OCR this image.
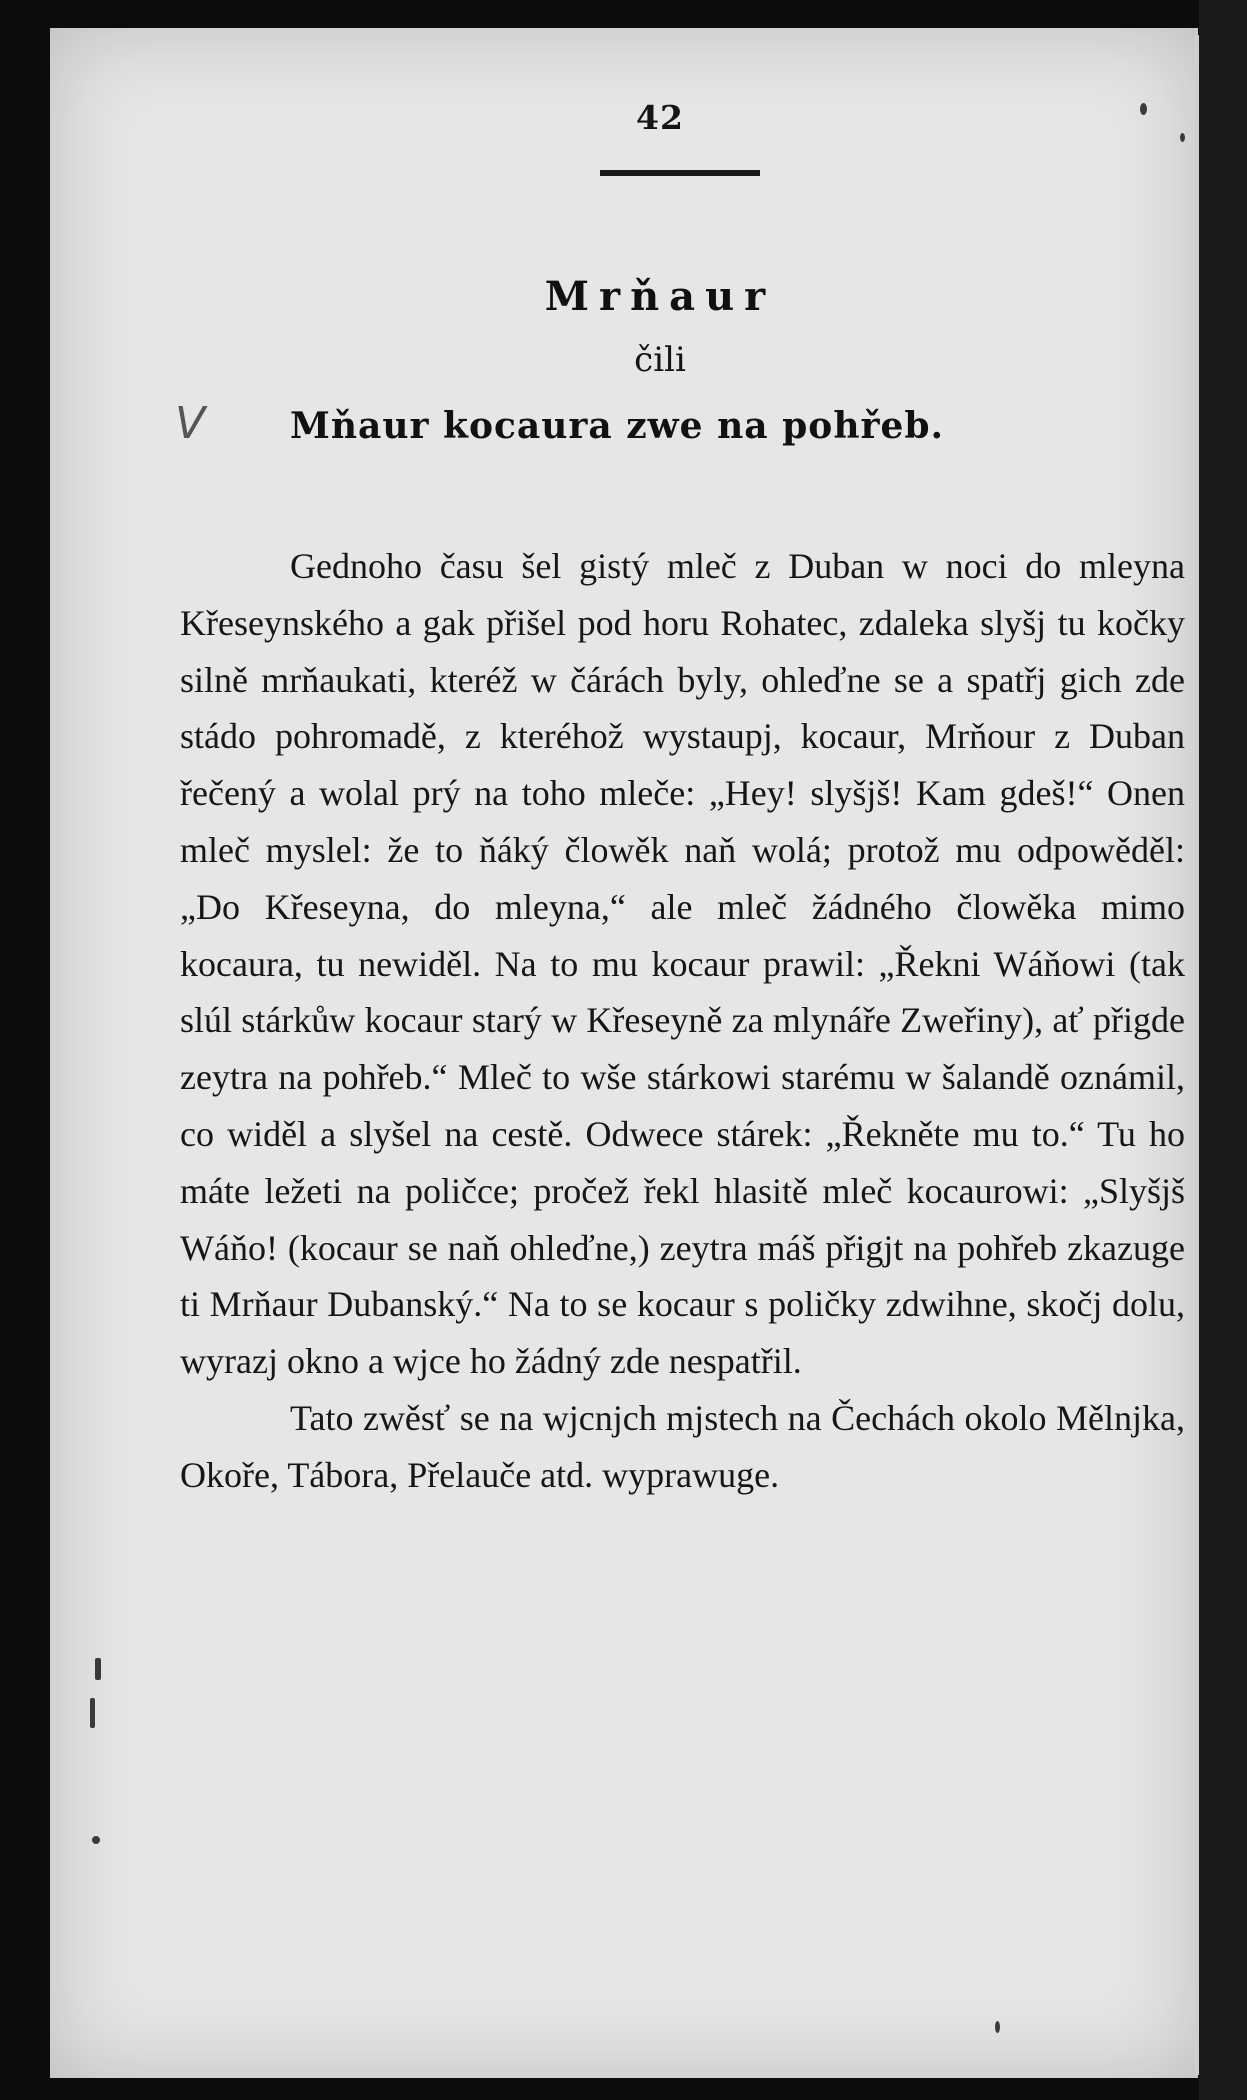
42
Mrňaur
čili
V Mňaur kocaura zwe na pohřeb.

Gednoho času šel gistý mleč z Duban w noci do mleyna Křeseynského a gak přišel pod horu Rohatec, zdaleka slyšj tu kočky silně mrňaukati, kteréž w čárách byly, ohleďne se a spatřj gich zde stádo pohromadě, z kteréhož wystaupj, kocaur, Mrňour z Duban řečený a wolal prý na toho mleče: „Hey! slyšjš! Kam gdeš!“ Onen mleč myslel: že to ňáký člowěk naň wolá; protož mu odpowěděl: „Do Křeseyna, do mleyna,“ ale mleč žádného člowěka mimo kocaura, tu newiděl. Na to mu kocaur prawil: „Řekni Wáňowi (tak slúl stárkůw kocaur starý w Křeseyně za mlynáře Zweřiny), ať přigde zeytra na pohřeb.“ Mleč to wše stárkowi starému w šalandě oznámil, co widěl a slyšel na cestě. Odwece stárek: „Řekněte mu to.“ Tu ho máte ležeti na poličce; pročež řekl hlasitě mleč kocaurowi: „Slyšjš Wáňo! (kocaur se naň ohleďne,) zeytra máš přigjt na pohřeb zkazuge ti Mrňaur Dubanský.“ Na to se kocaur s poličky zdwihne, skočj dolu, wyrazj okno a wjce ho žádný zde nespatřil.

Tato zwěsť se na wjcnjch mjstech na Čechách okolo Mělnjka, Okoře, Tábora, Přelauče atd. wyprawuge.
